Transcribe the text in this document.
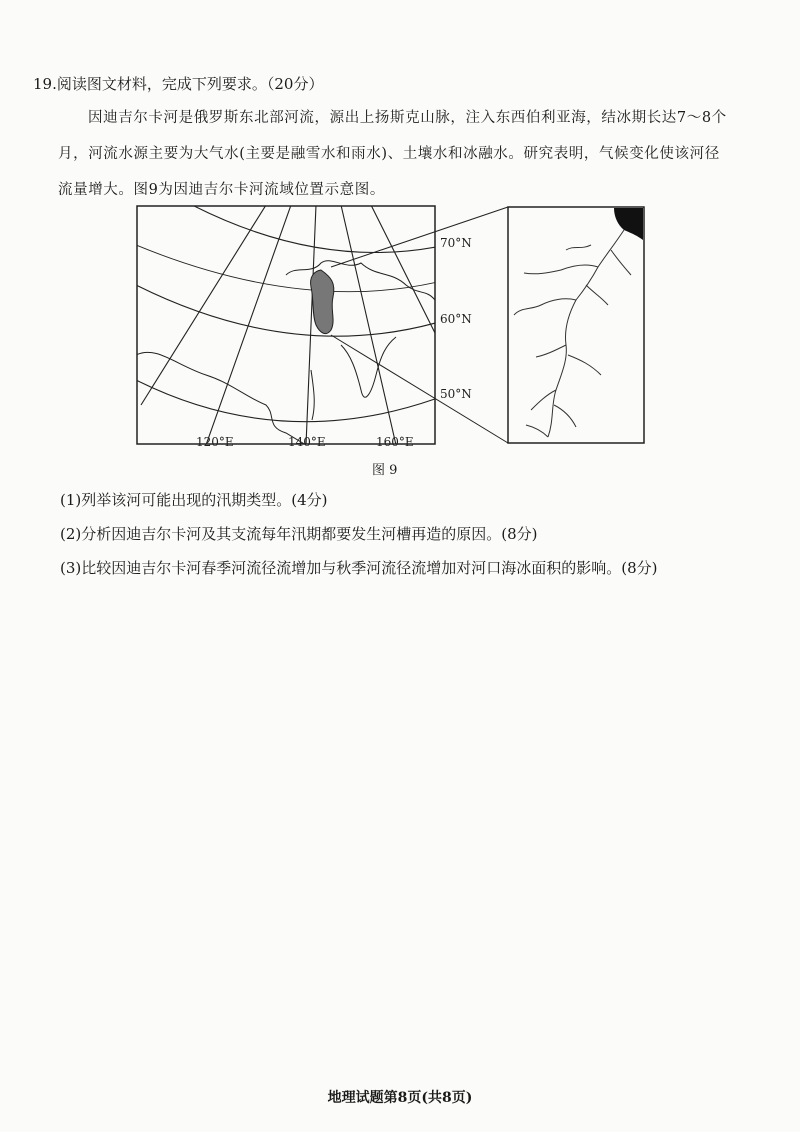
19.阅读图文材料，完成下列要求。（20分）
因迪吉尔卡河是俄罗斯东北部河流，源出上扬斯克山脉，注入东西伯利亚海，结冰期长达7～8个月，河流水源主要为大气水(主要是融雪水和雨水)、土壤水和冰融水。研究表明，气候变化使该河径流量增大。图9为因迪吉尔卡河流域位置示意图。
70°N
60°N
50°N
120°E	140°E	160°E
图 9
(1)列举该河可能出现的汛期类型。(4分)
(2)分析因迪吉尔卡河及其支流每年汛期都要发生河槽再造的原因。(8分)
(3)比较因迪吉尔卡河春季河流径流增加与秋季河流径流增加对河口海冰面积的影响。(8分)
地理试题第8页(共8页)
